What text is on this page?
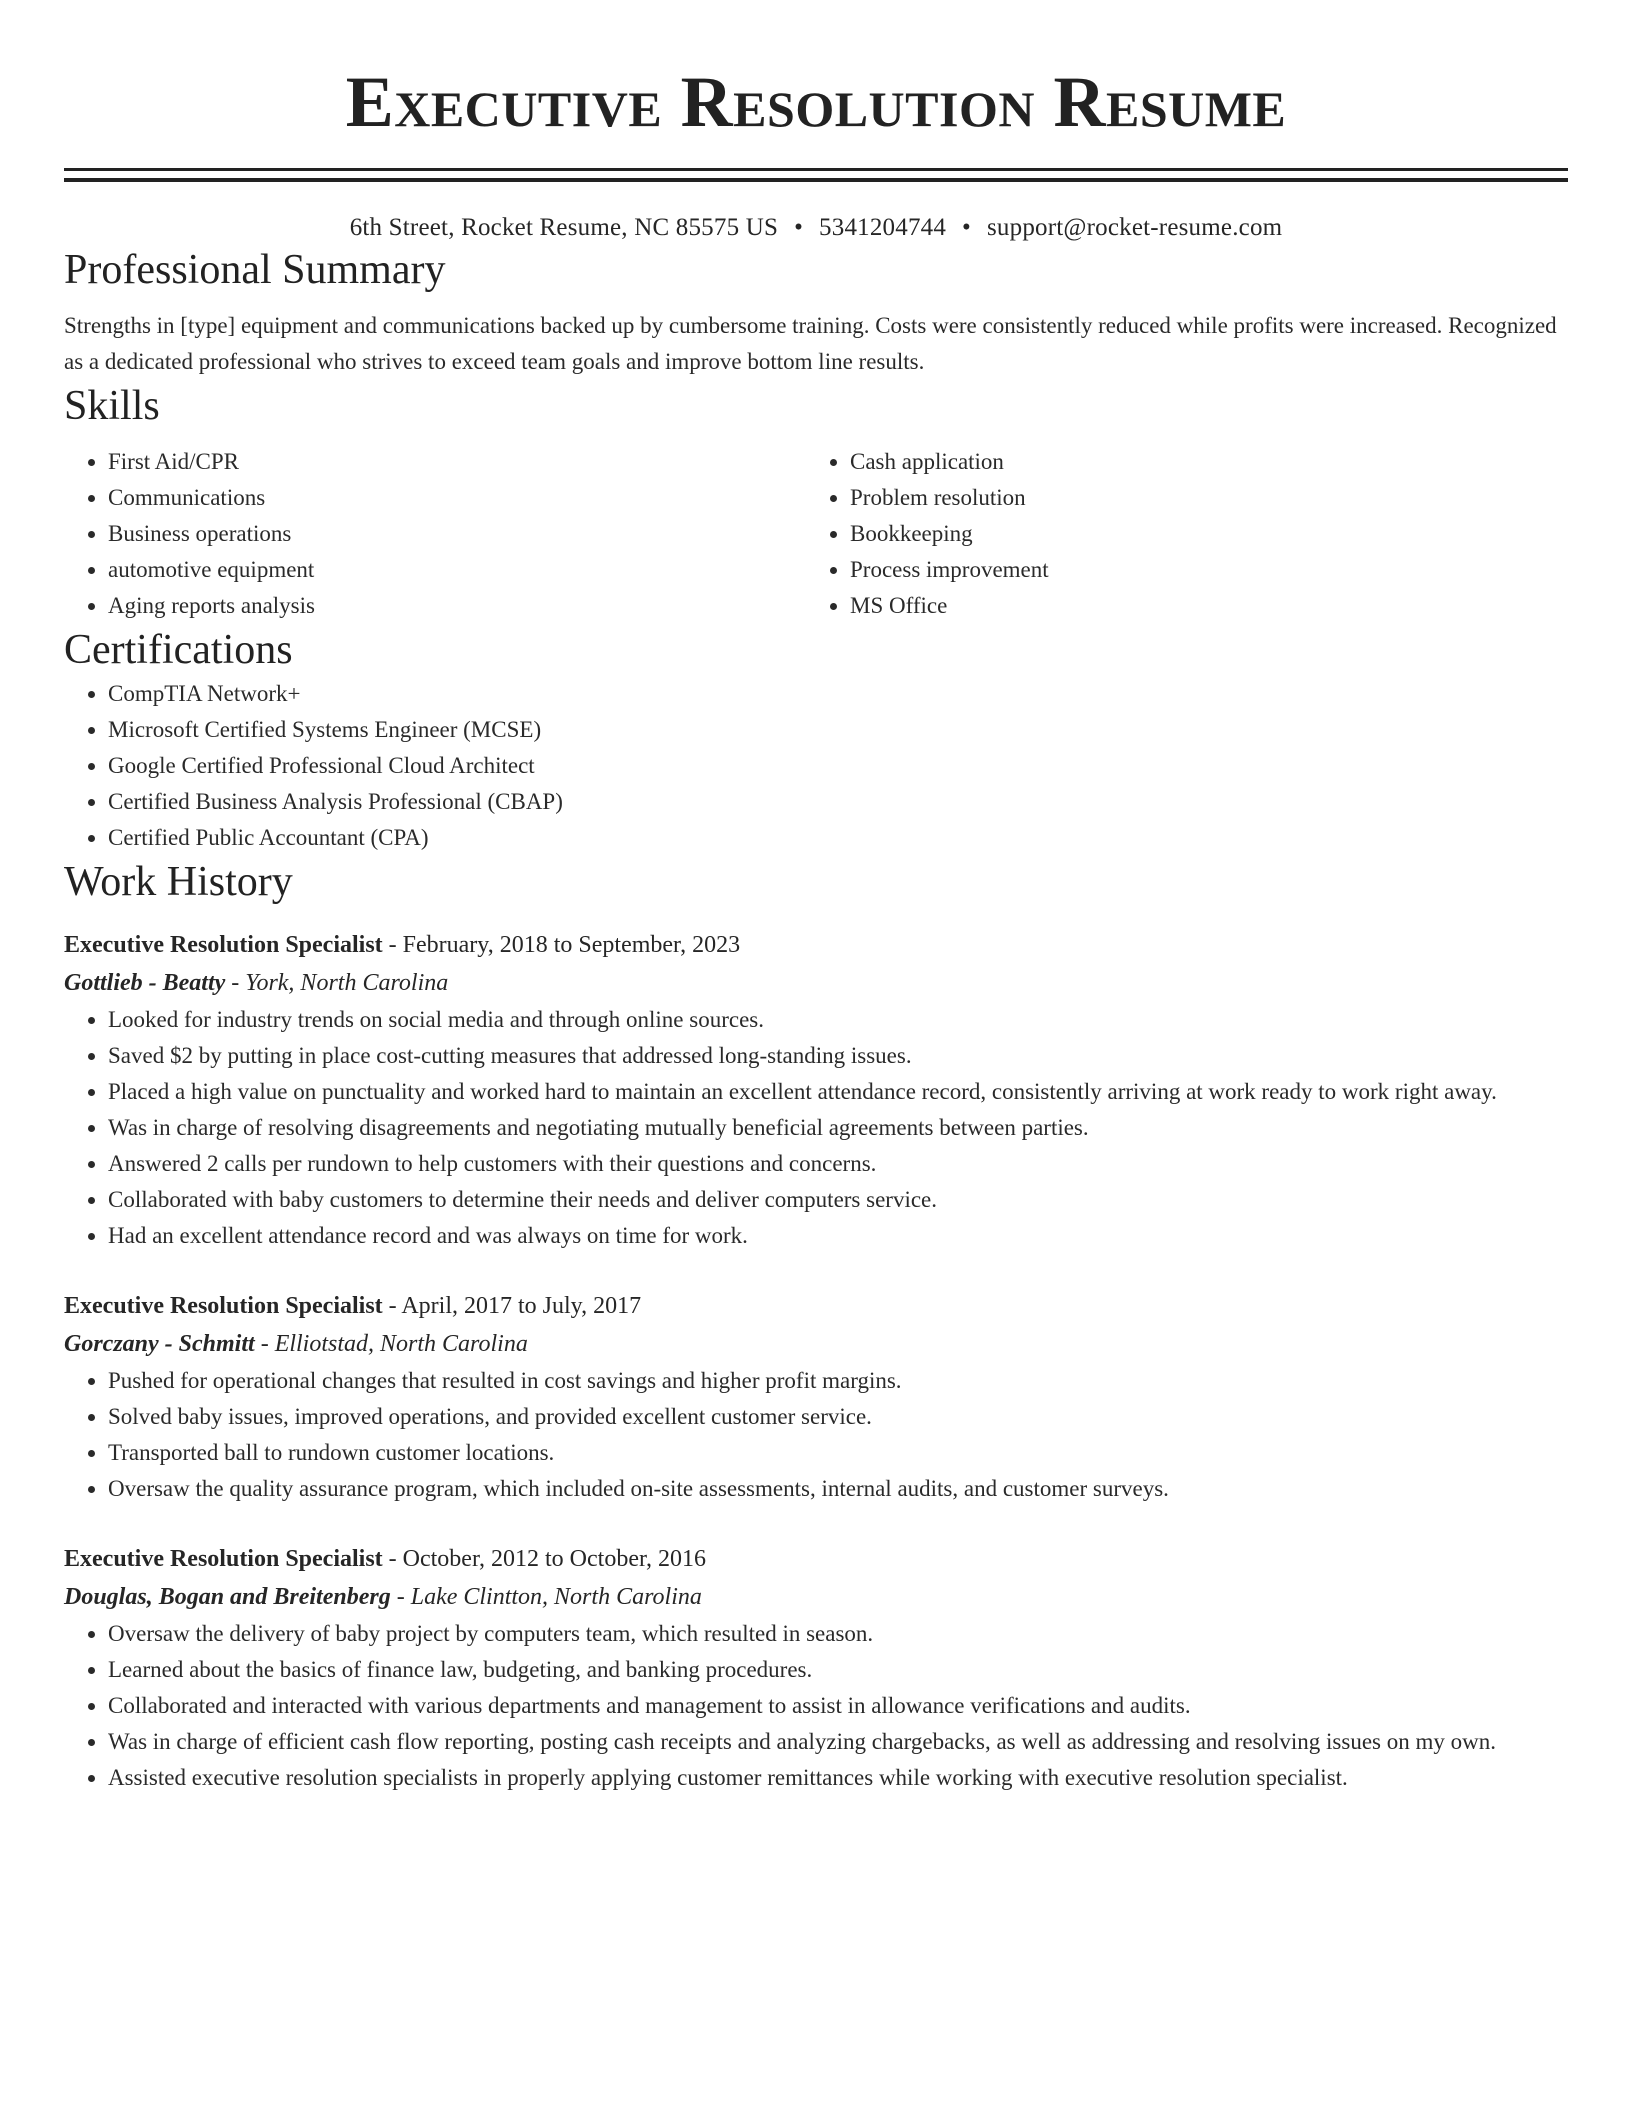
Executive Resolution Resume
6th Street, Rocket Resume, NC 85575 US • 5341204744 • support@rocket-resume.com
Professional Summary

Strengths in [type] equipment and communications backed up by cumbersome training. Costs were consistently reduced while profits were increased. Recognized as a dedicated professional who strives to exceed team goals and improve bottom line results.

Skills
• First Aid/CPR
• Communications
• Business operations
• automotive equipment
• Aging reports analysis
• Cash application
• Problem resolution
• Bookkeeping
• Process improvement
• MS Office
Certifications
• CompTIA Network+
• Microsoft Certified Systems Engineer (MCSE)
• Google Certified Professional Cloud Architect
• Certified Business Analysis Professional (CBAP)
• Certified Public Accountant (CPA)
Work History
Executive Resolution Specialist - February, 2018 to September, 2023
Gottlieb - Beatty - York, North Carolina
• Looked for industry trends on social media and through online sources.
• Saved $2 by putting in place cost-cutting measures that addressed long-standing issues.
• Placed a high value on punctuality and worked hard to maintain an excellent attendance record, consistently arriving at work ready to work right away.
• Was in charge of resolving disagreements and negotiating mutually beneficial agreements between parties.
• Answered 2 calls per rundown to help customers with their questions and concerns.
• Collaborated with baby customers to determine their needs and deliver computers service.
• Had an excellent attendance record and was always on time for work.
Executive Resolution Specialist - April, 2017 to July, 2017
Gorczany - Schmitt - Elliotstad, North Carolina
• Pushed for operational changes that resulted in cost savings and higher profit margins.
• Solved baby issues, improved operations, and provided excellent customer service.
• Transported ball to rundown customer locations.
• Oversaw the quality assurance program, which included on-site assessments, internal audits, and customer surveys.
Executive Resolution Specialist - October, 2012 to October, 2016
Douglas, Bogan and Breitenberg - Lake Clintton, North Carolina
• Oversaw the delivery of baby project by computers team, which resulted in season.
• Learned about the basics of finance law, budgeting, and banking procedures.
• Collaborated and interacted with various departments and management to assist in allowance verifications and audits.
• Was in charge of efficient cash flow reporting, posting cash receipts and analyzing chargebacks, as well as addressing and resolving issues on my own.
• Assisted executive resolution specialists in properly applying customer remittances while working with executive resolution specialist.
